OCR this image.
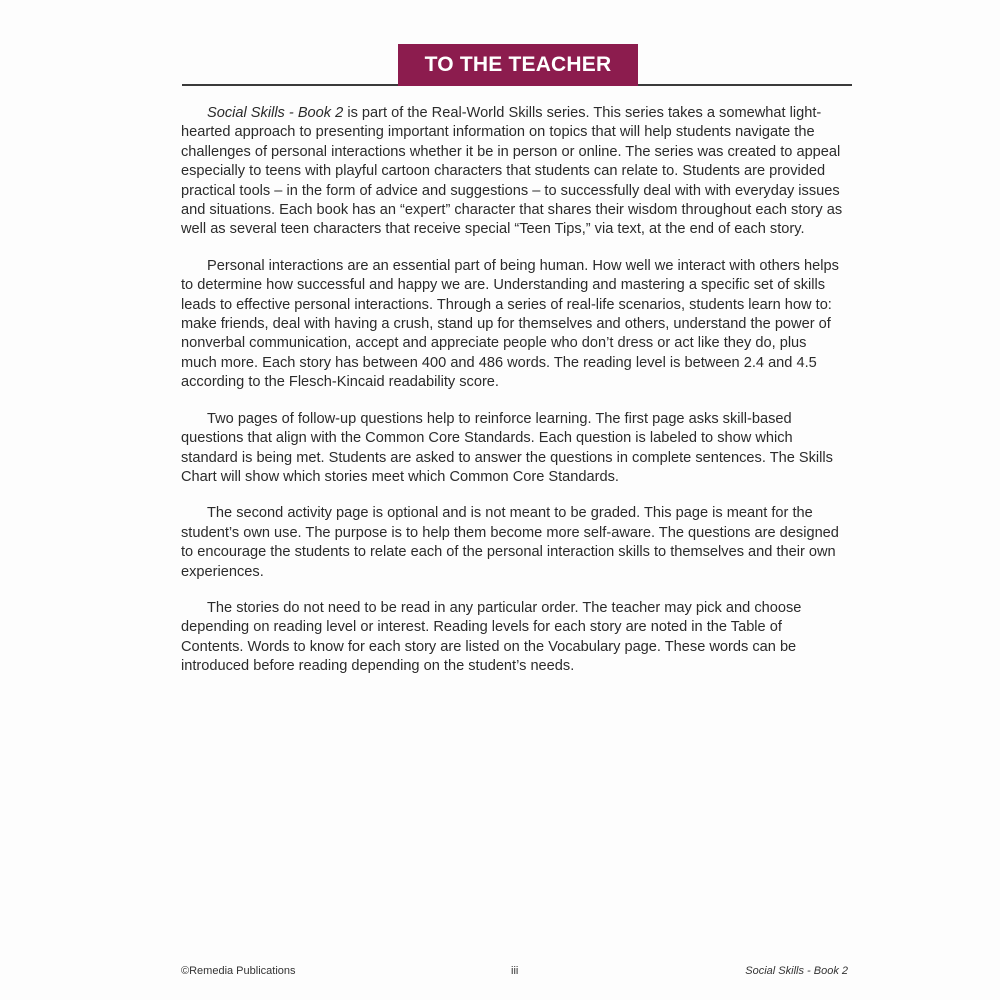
TO THE TEACHER

Social Skills - Book 2 is part of the Real-World Skills series. This series takes a somewhat light-hearted approach to presenting important information on topics that will help students navigate the challenges of personal interactions whether it be in person or online. The series was created to appeal especially to teens with playful cartoon characters that students can relate to. Students are provided practical tools – in the form of advice and suggestions – to successfully deal with with everyday issues and situations. Each book has an “expert” character that shares their wisdom throughout each story as well as several teen characters that receive special “Teen Tips,” via text, at the end of each story.

Personal interactions are an essential part of being human. How well we interact with others helps to determine how successful and happy we are. Understanding and mastering a specific set of skills leads to effective personal interactions. Through a series of real-life scenarios, students learn how to: make friends, deal with having a crush, stand up for themselves and others, understand the power of nonverbal communication, accept and appreciate people who don’t dress or act like they do, plus much more. Each story has between 400 and 486 words. The reading level is between 2.4 and 4.5 according to the Flesch-Kincaid readability score.

Two pages of follow-up questions help to reinforce learning. The first page asks skill-based questions that align with the Common Core Standards. Each question is labeled to show which standard is being met. Students are asked to answer the questions in complete sentences. The Skills Chart will show which stories meet which Common Core Standards.

The second activity page is optional and is not meant to be graded. This page is meant for the student’s own use. The purpose is to help them become more self-aware. The questions are designed to encourage the students to relate each of the personal interaction skills to themselves and their own experiences.

The stories do not need to be read in any particular order. The teacher may pick and choose depending on reading level or interest. Reading levels for each story are noted in the Table of Contents. Words to know for each story are listed on the Vocabulary page. These words can be introduced before reading depending on the student’s needs.

©Remedia Publications	iii	Social Skills - Book 2
